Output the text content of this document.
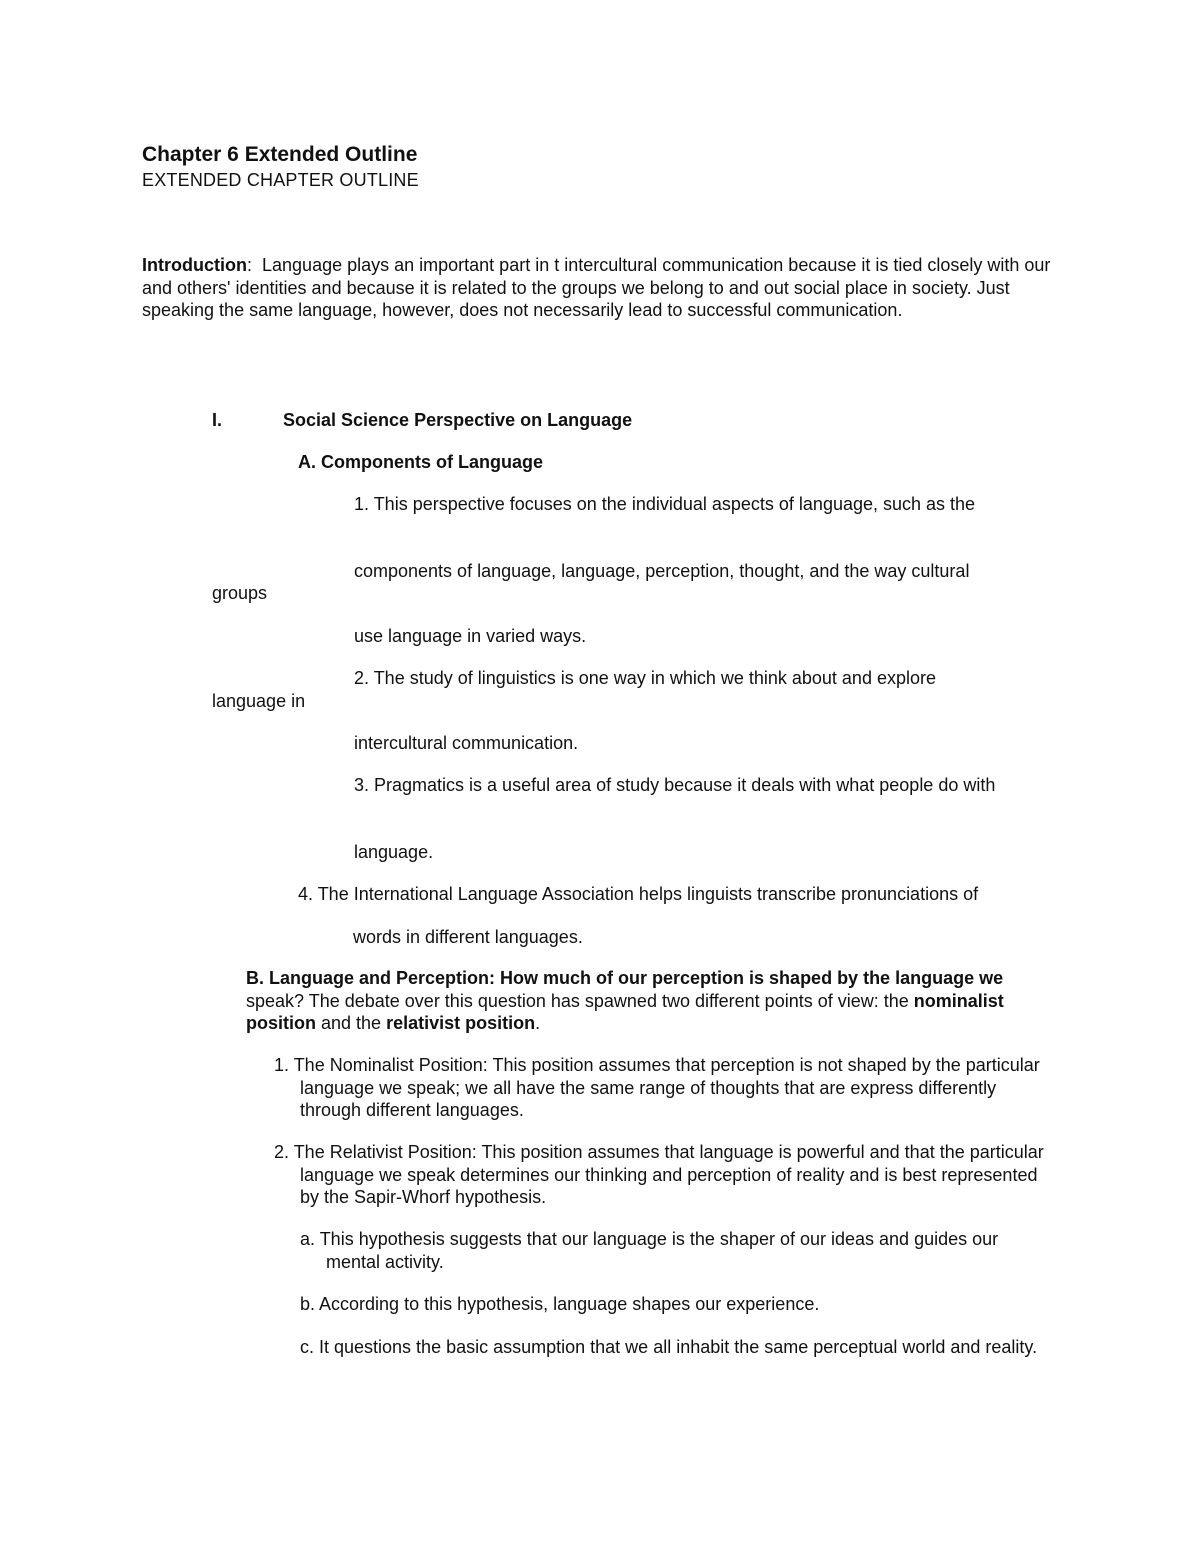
Chapter 6 Extended Outline

EXTENDED CHAPTER OUTLINE

Introduction: Language plays an important part in t intercultural communication because it is tied closely with our and others' identities and because it is related to the groups we belong to and out social place in society. Just speaking the same language, however, does not necessarily lead to successful communication.

I.	Social Science Perspective on Language

A. Components of Language

1. This perspective focuses on the individual aspects of language, such as the

components of language, language, perception, thought, and the way cultural

groups

use language in varied ways.

2. The study of linguistics is one way in which we think about and explore

language in

intercultural communication.

3. Pragmatics is a useful area of study because it deals with what people do with

language.

4. The International Language Association helps linguists transcribe pronunciations of

words in different languages.

B. Language and Perception: How much of our perception is shaped by the language we speak? The debate over this question has spawned two different points of view: the nominalist position and the relativist position.

1. The Nominalist Position: This position assumes that perception is not shaped by the particular language we speak; we all have the same range of thoughts that are express differently through different languages.

2. The Relativist Position: This position assumes that language is powerful and that the particular language we speak determines our thinking and perception of reality and is best represented by the Sapir-Whorf hypothesis.

a. This hypothesis suggests that our language is the shaper of our ideas and guides our mental activity.

b. According to this hypothesis, language shapes our experience.

c. It questions the basic assumption that we all inhabit the same perceptual world and reality.
